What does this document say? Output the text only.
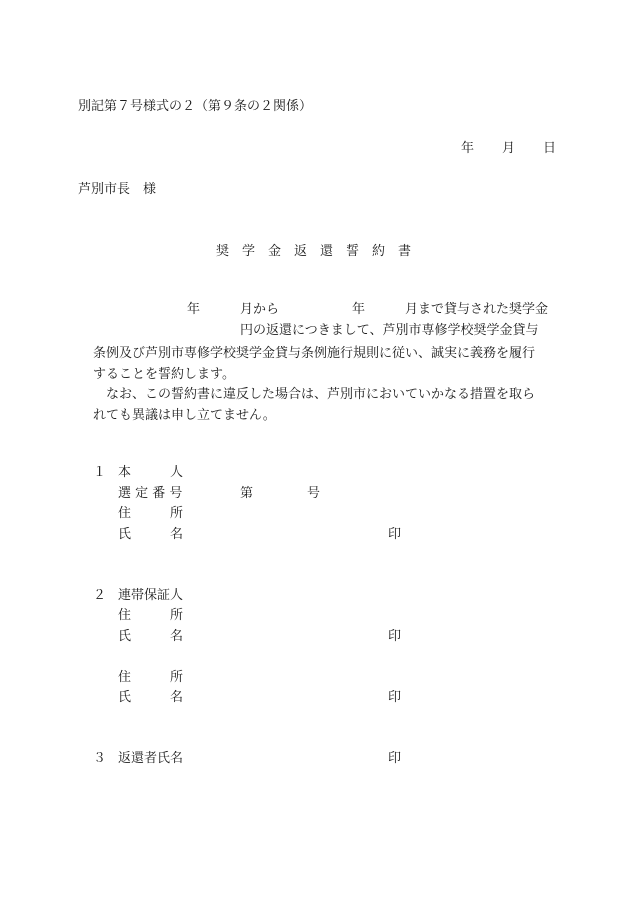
別記第７号様式の２（第９条の２関係）

年

月

日

芦別市長　様
奨　学　金　返　還　誓　約　書

年

	月から

	年

	月まで貸与された奨学金

円の返還につきまして、芦別市専修学校奨学金貸与
条例及び芦別市専修学校奨学金貸与条例施行規則に従い、誠実に義務を履行
することを誓約します。
なお、この誓約書に違反した場合は、芦別市においていかなる措置を取ら
れても異議は申し立てません。
１ 本　　　人
選 定 番 号	第	号
住　　　所
氏　　　名	印
２ 連帯保証人
住　　　所
氏　　　名	印
住　　　所
氏　　　名	印
３ 返還者氏名	印
